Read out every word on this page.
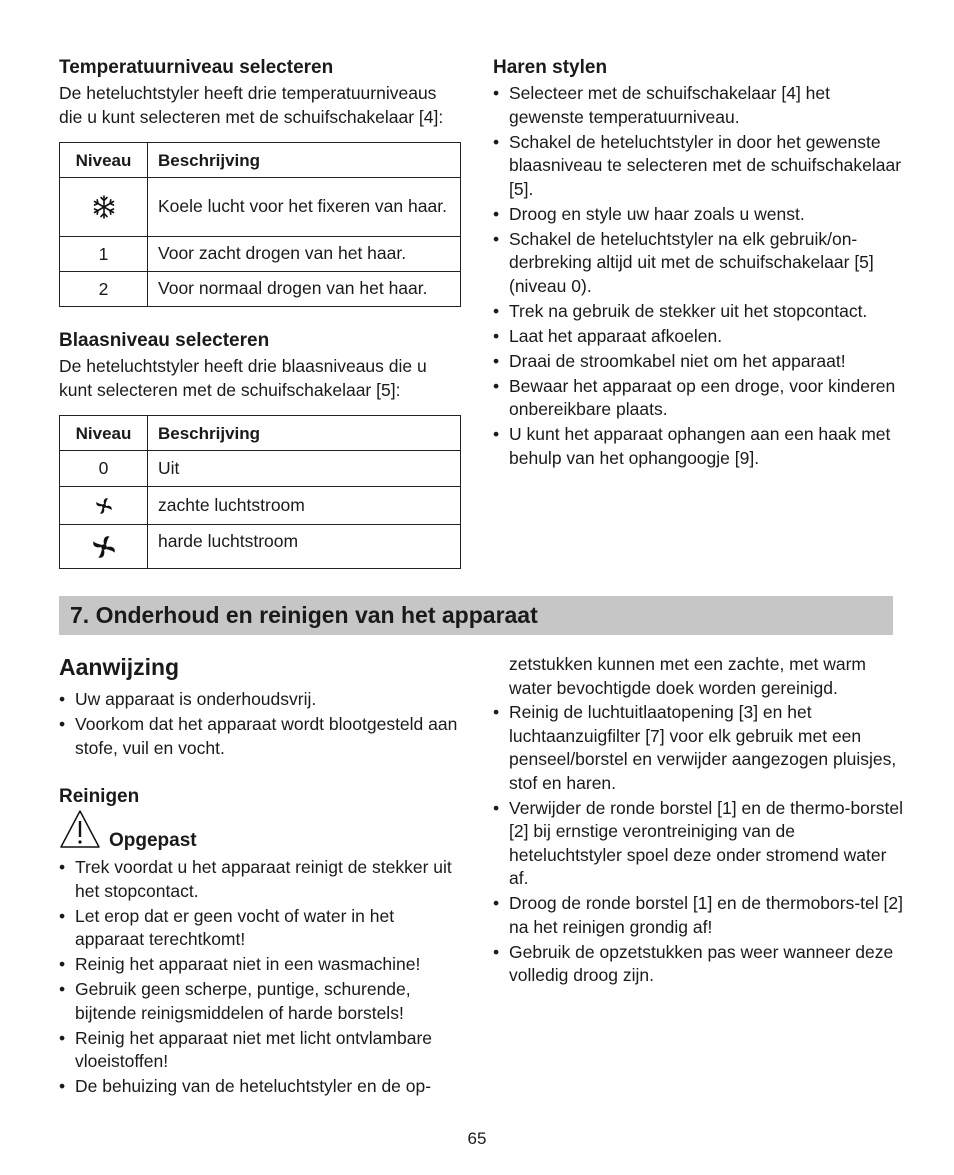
Temperatuurniveau selecteren

De heteluchtstyler heeft drie temperatuurniveaus die u kunt selecteren met de schuifschakelaar [4]:

Niveau	Beschrijving

	Koele lucht voor het fixeren van haar.
1	Voor zacht drogen van het haar.
2	Voor normaal drogen van het haar.
Blaasniveau selecteren

De heteluchtstyler heeft drie blaasniveaus die u kunt selecteren met de schuifschakelaar [5]:

Niveau	Beschrijving
0	Uit

	zachte luchtstroom

	harde luchtstroom
Haren stylen
• Selecteer met de schuifschakelaar [4] het gewenste temperatuurniveau.
• Schakel de heteluchtstyler in door het gewenste blaasniveau te selecteren met de schuifschakelaar [5].
• Droog en style uw haar zoals u wenst.
• Schakel de heteluchtstyler na elk gebruik/on-derbreking altijd uit met de schuifschakelaar [5] (niveau 0).
• Trek na gebruik de stekker uit het stopcontact.
• Laat het apparaat afkoelen.
• Draai de stroomkabel niet om het apparaat!
• Bewaar het apparaat op een droge, voor kinderen onbereikbare plaats.
• U kunt het apparaat ophangen aan een haak met behulp van het ophangoogje [9].
7. Onderhoud en reinigen van het apparaat
Aanwijzing
• Uw apparaat is onderhoudsvrij.
• Voorkom dat het apparaat wordt blootgesteld aan stofe, vuil en vocht.
Reinigen
Opgepast
• Trek voordat u het apparaat reinigt de stekker uit het stopcontact.
• Let erop dat er geen vocht of water in het apparaat terechtkomt!
• Reinig het apparaat niet in een wasmachine!
• Gebruik geen scherpe, puntige, schurende, bijtende reinigsmiddelen of harde borstels!
• Reinig het apparaat niet met licht ontvlambare vloeistoffen!
• De behuizing van de heteluchtstyler en de op-

zetstukken kunnen met een zachte, met warm water bevochtigde doek worden gereinigd.

• Reinig de luchtuitlaatopening [3] en het luchtaanzuigfilter [7] voor elk gebruik met een penseel/borstel en verwijder aangezogen pluisjes, stof en haren.
• Verwijder de ronde borstel [1] en de thermo-borstel [2] bij ernstige verontreiniging van de heteluchtstyler spoel deze onder stromend water af.
• Droog de ronde borstel [1] en de thermobors-tel [2] na het reinigen grondig af!
• Gebruik de opzetstukken pas weer wanneer deze volledig droog zijn.
65
